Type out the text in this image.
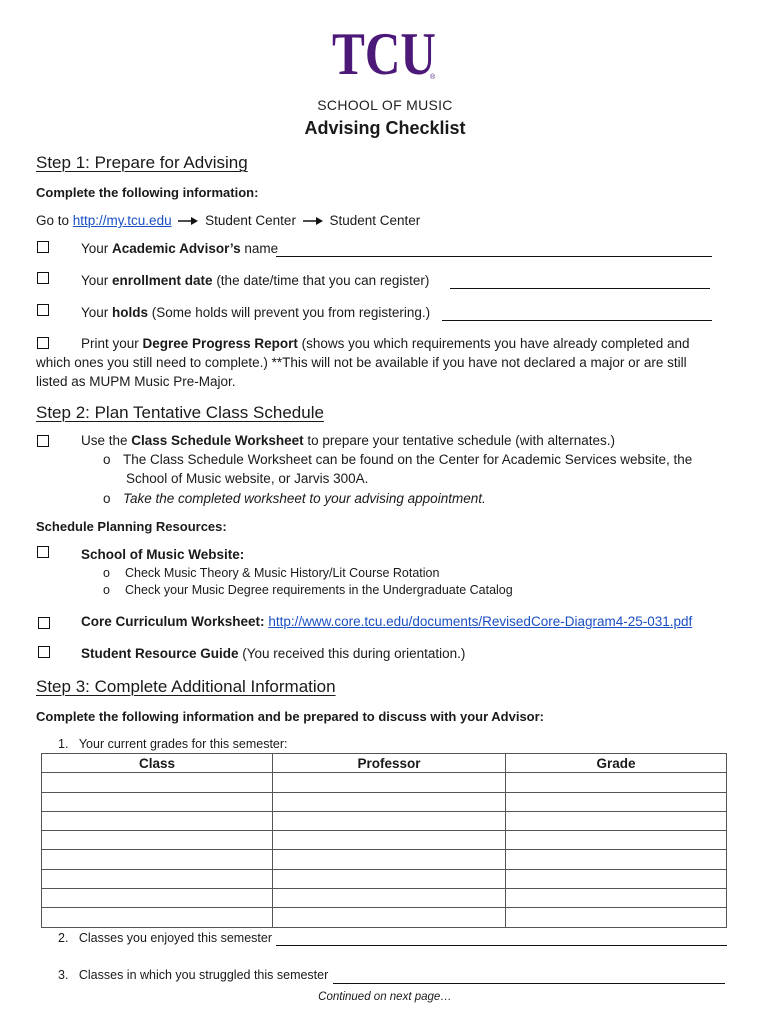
TCU
®
SCHOOL OF MUSIC
Advising Checklist
Step 1: Prepare for Advising
Complete the following information:
Go to http://my.tcu.edu Student Center Student Center
Your Academic Advisor’s name
Your enrollment date (the date/time that you can register)
Your holds (Some holds will prevent you from registering.)
Print your Degree Progress Report (shows you which requirements you have already completed and
which ones you still need to complete.) **This will not be available if you have not declared a major or are still
listed as MUPM Music Pre-Major.
Step 2: Plan Tentative Class Schedule
Use the Class Schedule Worksheet to prepare your tentative schedule (with alternates.)
o The Class Schedule Worksheet can be found on the Center for Academic Services website, the
School of Music website, or Jarvis 300A.
o Take the completed worksheet to your advising appointment.
Schedule Planning Resources:
School of Music Website:
o Check Music Theory & Music History/Lit Course Rotation
o Check your Music Degree requirements in the Undergraduate Catalog
Core Curriculum Worksheet: http://www.core.tcu.edu/documents/RevisedCore-Diagram4-25-031.pdf
Student Resource Guide (You received this during orientation.)
Step 3: Complete Additional Information
Complete the following information and be prepared to discuss with your Advisor:
1. Your current grades for this semester:
Class	Professor	Grade

2. Classes you enjoyed this semester
3. Classes in which you struggled this semester
Continued on next page…
